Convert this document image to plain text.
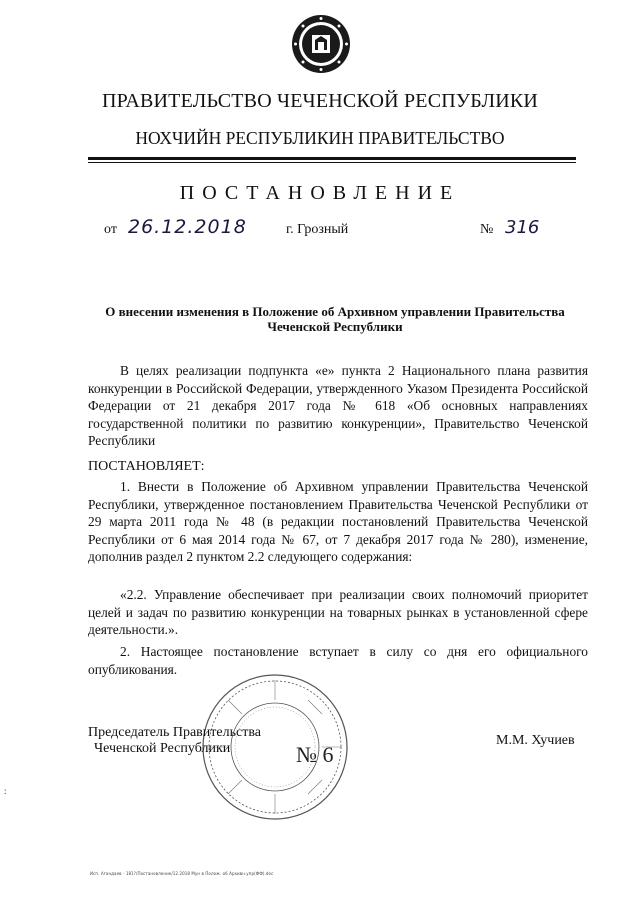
ПРАВИТЕЛЬСТВО ЧЕЧЕНСКОЙ РЕСПУБЛИКИ
НОХЧИЙН РЕСПУБЛИКИН ПРАВИТЕЛЬСТВО
ПОСТАНОВЛЕНИЕ
от 26.12.2018	г. Грозный	№ 316
О внесении изменения в Положение об Архивном управлении Правительства Чеченской Республики

В целях реализации подпункта «е» пункта 2 Национального плана развития конкуренции в Российской Федерации, утвержденного Указом Президента Российской Федерации от 21 декабря 2017 года № 618 «Об основных направлениях государственной политики по развитию конкуренции», Правительство Чеченской Республики

ПОСТАНОВЛЯЕТ:

1. Внести в Положение об Архивном управлении Правительства Чеченской Республики, утвержденное постановлением Правительства Чеченской Республики от 29 марта 2011 года № 48 (в редакции постановлений Правительства Чеченской Республики от 6 мая 2014 года № 67, от 7 декабря 2017 года № 280), изменение, дополнив раздел 2 пунктом 2.2 следующего содержания:

«2.2. Управление обеспечивает при реализации своих полномочий приоритет целей и задач по развитию конкуренции на товарных рынках в установленной сфере деятельности.».

2. Настоящее постановление вступает в силу со дня его официального опубликования.

№ 6
Председатель Правительства
Чеченской Республики
М.М. Хучиев
:
Исп. Агандаев - 181?/Постановление/12.2018 Мун в Полож. об Архивн.упр(ФФ).doc
